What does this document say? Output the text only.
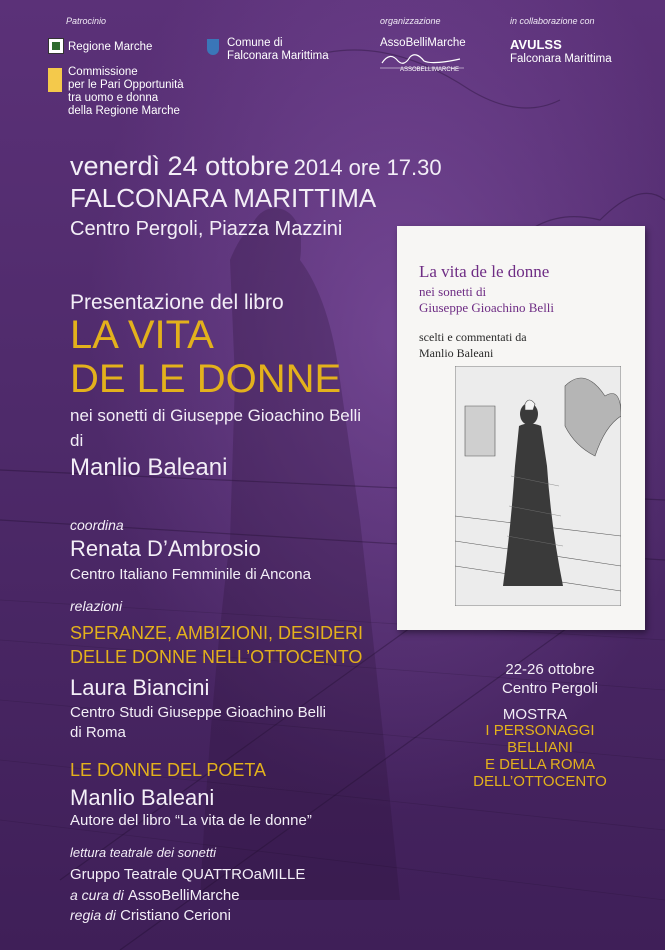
Patrocinio
Regione Marche
Commissione
per le Pari Opportunità
tra uomo e donna
della Regione Marche
Comune di
Falconara Marittima
organizzazione
AssoBelliMarche
ASSOBELLIMARCHE
in collaborazione con
AVULSS
Falconara Marittima
venerdì 24 ottobre 2014 ore 17.30
FALCONARA MARITTIMA
Centro Pergoli, Piazza Mazzini
Presentazione del libro
LA VITA
DE LE DONNE
nei sonetti di Giuseppe Gioachino Belli
di
Manlio Baleani
coordina
Renata D’Ambrosio
Centro Italiano Femminile di Ancona
relazioni
SPERANZE, AMBIZIONI, DESIDERI
DELLE DONNE NELL’OTTOCENTO
Laura Biancini
Centro Studi Giuseppe Gioachino Belli
di Roma
LE DONNE DEL POETA
Manlio Baleani
Autore del libro “La vita de le donne”
lettura teatrale dei sonetti
Gruppo Teatrale QUATTROaMILLE
a cura di AssoBelliMarche
regia di Cristiano Cerioni
La vita de le donne
nei sonetti di
Giuseppe Gioachino Belli
scelti e commentati da
Manlio Baleani
22-26 ottobre
Centro Pergoli
MOSTRA
I PERSONAGGI
BELLIANI
E DELLA ROMA
DELL’OTTOCENTO
